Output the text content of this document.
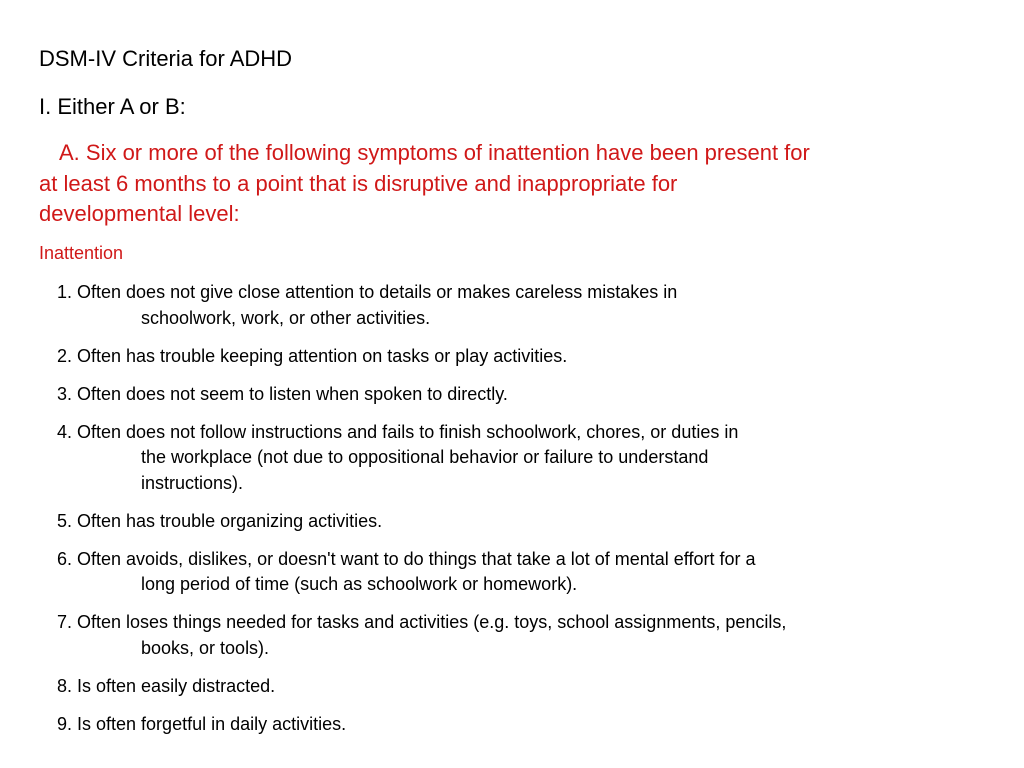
DSM-IV Criteria for ADHD
I. Either A or B:
A. Six or more of the following symptoms of inattention have been present for
at least 6 months to a point that is disruptive and inappropriate for
developmental level:
Inattention
1. Often does not give close attention to details or makes careless mistakes in
schoolwork, work, or other activities.
2. Often has trouble keeping attention on tasks or play activities.
3. Often does not seem to listen when spoken to directly.
4. Often does not follow instructions and fails to finish schoolwork, chores, or duties in
the workplace (not due to oppositional behavior or failure to understand
instructions).
5. Often has trouble organizing activities.
6. Often avoids, dislikes, or doesn't want to do things that take a lot of mental effort for a
long period of time (such as schoolwork or homework).
7. Often loses things needed for tasks and activities (e.g. toys, school assignments, pencils,
books, or tools).
8. Is often easily distracted.
9. Is often forgetful in daily activities.
